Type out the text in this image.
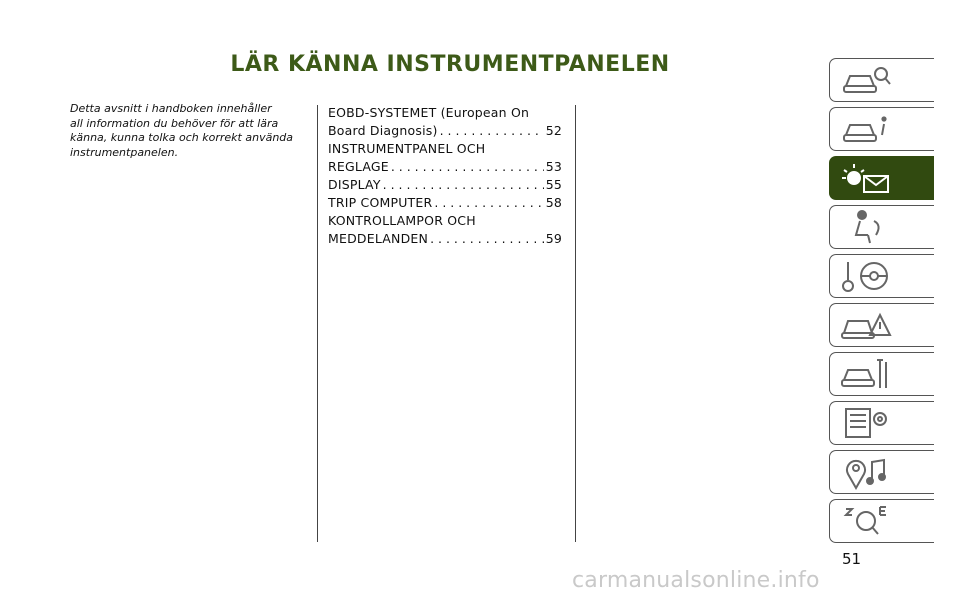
LÄR KÄNNA INSTRUMENTPANELEN

Detta avsnitt i handboken innehåller
all information du behöver för att lära
känna, kunna tolka och korrekt använda
instrumentpanelen.

EOBD-SYSTEMET (European On
Board Diagnosis) . . .	52
INSTRUMENTPANEL OCH
REGLAGE . . .	53
DISPLAY . . .	55
TRIP COMPUTER . . .	58
KONTROLLAMPOR OCH
MEDDELANDEN . . .	59
51
carmanualsonline.info
